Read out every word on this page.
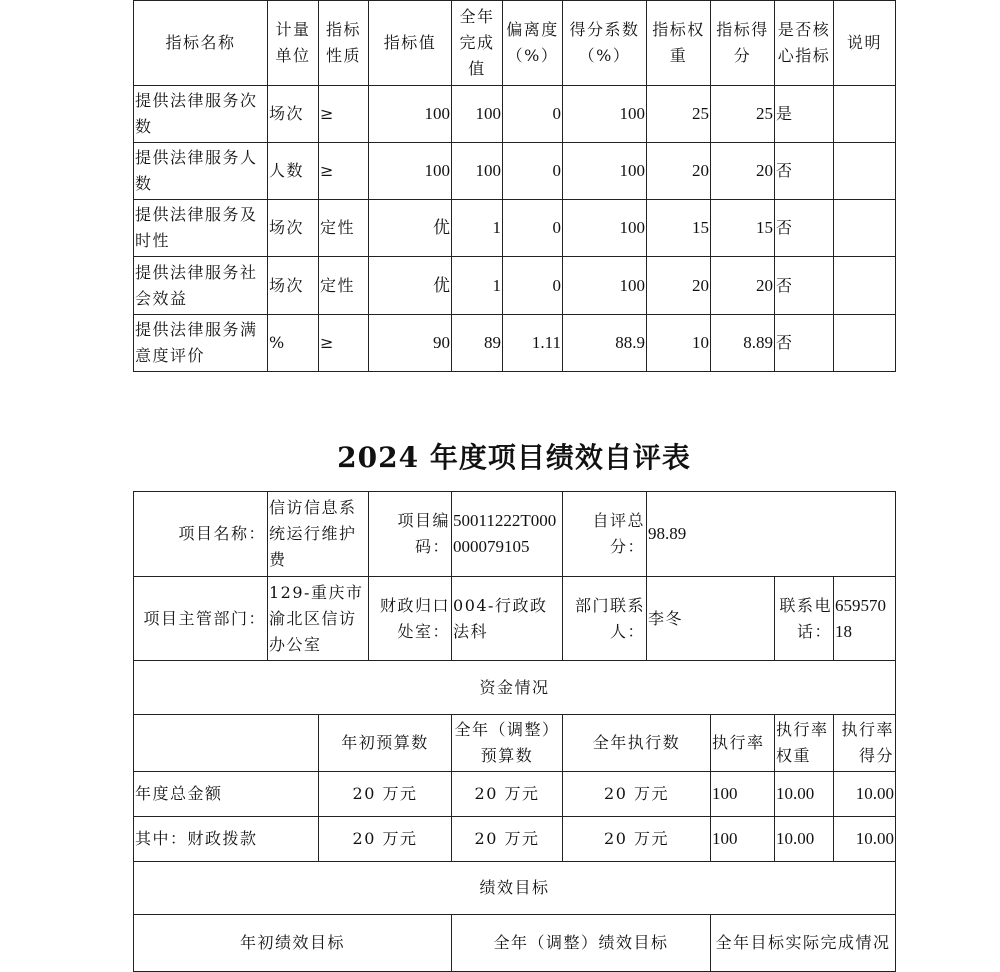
指标名称	计量单位	指标性质	指标值	全年完成值	偏离度（%）	得分系数（%）	指标权重	指标得分	是否核心指标	说明
提供法律服务次数	场次	≥	100	100	0	100	25	25	是	
提供法律服务人数	人数	≥	100	100	0	100	20	20	否	
提供法律服务及时性	场次	定性	优	1	0	100	15	15	否	
提供法律服务社会效益	场次	定性	优	1	0	100	20	20	否	
提供法律服务满意度评价	%	≥	90	89	1.11	88.9	10	8.89	否	
2024 年度项目绩效自评表
项目名称：	信访信息系统运行维护费		项目编码：	50011222T000000079105	自评总分：	98.89			
项目主管部门：	129-重庆市渝北区信访办公室		财政归口处室：	004-行政政法科	部门联系人：	李冬		联系电话：	65957018
资金情况									
		年初预算数		全年（调整）预算数	全年执行数		执行率	执行率权重	执行率得分
年度总金额		20 万元		20 万元	20 万元		100	10.00	10.00
其中：财政拨款		20 万元		20 万元	20 万元		100	10.00	10.00
绩效目标									
年初绩效目标				全年（调整）绩效目标			全年目标实际完成情况		
